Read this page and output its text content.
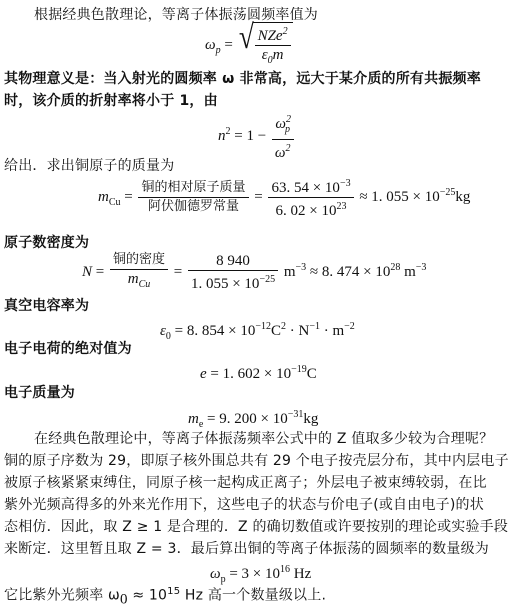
根据经典色散理论，等离子体振荡圆频率值为
$\omega_p$ = √ $\frac{NZe^2}{\varepsilon_0m}$
其物理意义是：当入射光的圆频率 ω 非常高，远大于某介质的所有共振频率
时，该介质的折射率将小于 1，由
$n^2 = 1 - \frac{\omega^2_p}{\omega^2}$
给出．求出铜原子的质量为
$m_{Cu} = \frac{\text{铜的相对原子质量}}{\text{阿伏伽德罗常量}} = \frac{63. 54 \times 10^{-3}}{6. 02 \times 10^{23}} \approx 1$. $055 \times 10^{-25}kg$
原子数密度为
$N = \frac{\text{铜的密度}}{m_{Cu}} = \frac{8 940}{1. 055 \times 10^{-25}} m^{-3} \approx 8$. $474 \times 10^{28}$ $m^{-3}$
真空电容率为
$\varepsilon_0 = 8$. $854 \times 10^{-12}C^2 \cdot N^{-1} \cdot m^{-2}$
电子电荷的绝对值为
e = 1. $602 \times 10^{-19}C$
电子质量为
$m_e = 9$. $200 \times 10^{-31}kg$
在经典色散理论中，等离子体振荡频率公式中的 Z 值取多少较为合理呢？
铜的原子序数为 29，即原子核外围总共有 29 个电子按壳层分布，其中内层电子
被原子核紧紧束缚住，同原子核一起构成正离子；外层电子被束缚较弱，在比
紫外光频高得多的外来光作用下，这些电子的状态与价电子(或自由电子)的状
态相仿．因此，取 Z ≥ 1 是合理的．Z 的确切数值或许要按别的理论或实验手段
来断定．这里暂且取 Z = 3．最后算出铜的等离子体振荡的圆频率的数量级为
$\omega_p = 3 \times 10^{16}$ Hz
它比紫外光频率 $\omega_0 \approx 10^{15}$ Hz 高一个数量级以上.
